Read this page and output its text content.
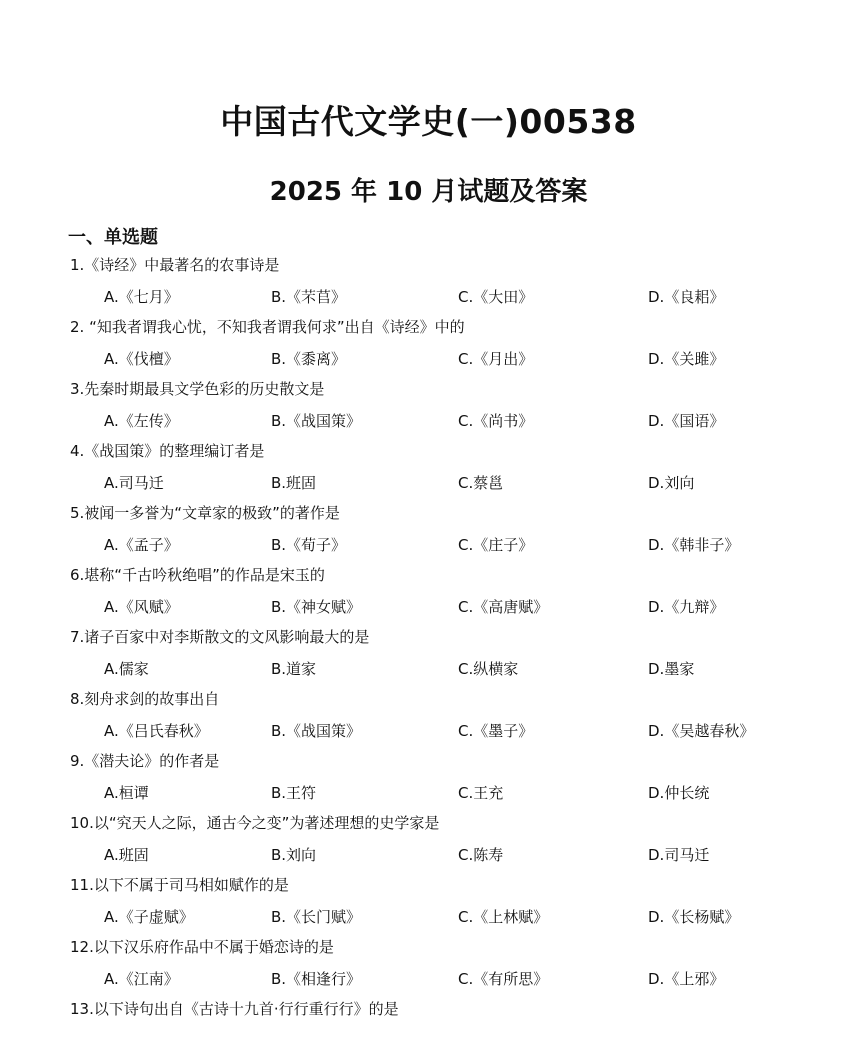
中国古代文学史(一)00538
2025 年 10 月试题及答案
一、单选题
1.《诗经》中最著名的农事诗是
A.《七月》	B.《芣苢》	C.《大田》	D.《良耜》
2. “知我者谓我心忧，不知我者谓我何求”出自《诗经》中的
A.《伐檀》	B.《黍离》	C.《月出》	D.《关雎》
3.先秦时期最具文学色彩的历史散文是
A.《左传》	B.《战国策》	C.《尚书》	D.《国语》
4.《战国策》的整理编订者是
A.司马迁	B.班固	C.蔡邕	D.刘向
5.被闻一多誉为“文章家的极致”的著作是
A.《孟子》	B.《荀子》	C.《庄子》	D.《韩非子》
6.堪称“千古吟秋绝唱”的作品是宋玉的
A.《风赋》	B.《神女赋》	C.《高唐赋》	D.《九辩》
7.诸子百家中对李斯散文的文风影响最大的是
A.儒家	B.道家	C.纵横家	D.墨家
8.刻舟求剑的故事出自
A.《吕氏春秋》	B.《战国策》	C.《墨子》	D.《吴越春秋》
9.《潜夫论》的作者是
A.桓谭	B.王符	C.王充	D.仲长统
10.以“究天人之际，通古今之变”为著述理想的史学家是
A.班固	B.刘向	C.陈寿	D.司马迁
11.以下不属于司马相如赋作的是
A.《子虚赋》	B.《长门赋》	C.《上林赋》	D.《长杨赋》
12.以下汉乐府作品中不属于婚恋诗的是
A.《江南》	B.《相逢行》	C.《有所思》	D.《上邪》
13.以下诗句出自《古诗十九首·行行重行行》的是
